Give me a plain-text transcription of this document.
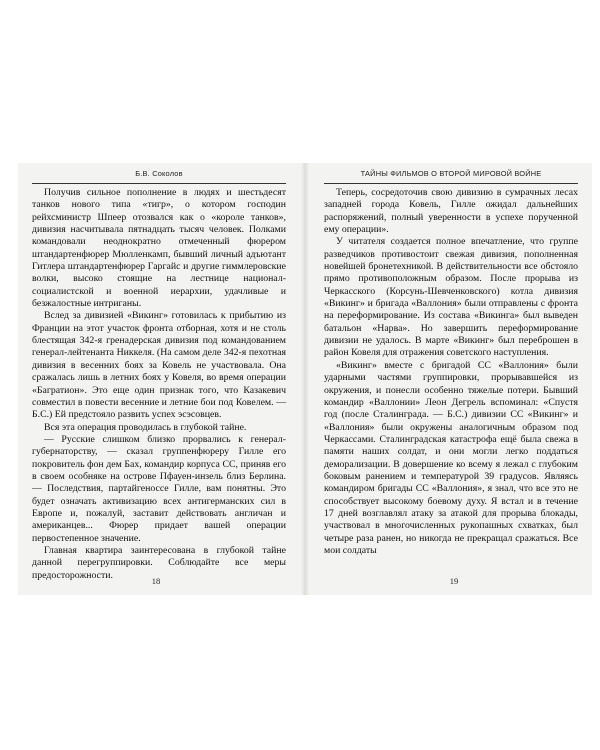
Б.В. Соколов

Получив сильное пополнение в людях и шестьдесят танков нового типа «тигр», о котором господин рейхсминистр Шпеер отозвался как о «короле танков», дивизия насчитывала пятнадцать тысяч человек. Полками командовали неоднократно отмеченный фюрером штандартенфюрер Мюлленкамп, бывший личный адъютант Гитлера штандартенфюрер Гаргайс и другие гиммлеровские волки, высоко стоящие на лестнице национал-социалистской и военной иерархии, удачливые и безжалостные интриганы.

Вслед за дивизией «Викинг» готовилась к прибытию из Франции на этот участок фронта отборная, хотя и не столь блестящая 342-я гренадерская дивизия под командованием генерал-лейтенанта Никкеля. (На самом деле 342-я пехотная дивизия в весенних боях за Ковель не участвовала. Она сражалась лишь в летних боях у Ковеля, во время операции «Багратион». Это еще один признак того, что Казакевич совместил в повести весенние и летние бои под Ковелем. — Б.С.) Ей предстояло развить успех эсэсовцев.

Вся эта операция проводилась в глубокой тайне.

— Русские слишком близко прорвались к генерал-губернаторству, — сказал группенфюреру Гилле его покровитель фон дем Бах, командир корпуса СС, приняв его в своем особняке на острове Пфауен-инзель близ Берлина. — Последствия, партайгеноссе Гилле, вам понятны. Это будет означать активизацию всех антигерманских сил в Европе и, пожалуй, заставит действовать англичан и американцев... Фюрер придает вашей операции первостепенное значение.

Главная квартира заинтересована в глубокой тайне данной перегруппировки. Соблюдайте все меры предосторожности.

18
ТАЙНЫ ФИЛЬМОВ О ВТОРОЙ МИРОВОЙ ВОЙНЕ

Теперь, сосредоточив свою дивизию в сумрачных лесах западней города Ковель, Гилле ожидал дальнейших распоряжений, полный уверенности в успехе порученной ему операции».

У читателя создается полное впечатление, что группе разведчиков противостоит свежая дивизия, пополненная новейшей бронетехникой. В действительности все обстояло прямо противоположным образом. После прорыва из Черкасского (Корсунь-Шевченковского) котла дивизия «Викинг» и бригада «Валлония» были отправлены с фронта на переформирование. Из состава «Викинга» был выведен батальон «Нарва». Но завершить переформирование дивизии не удалось. В марте «Викинг» был переброшен в район Ковеля для отражения советского наступления.

«Викинг» вместе с бригадой СС «Валлония» были ударными частями группировки, прорывавшейся из окружения, и понесли особенно тяжелые потери. Бывший командир «Валлонии» Леон Дегрель вспоминал: «Спустя год (после Сталинграда. — Б.С.) дивизии СС «Викинг» и «Валлония» были окружены аналогичным образом под Черкассами. Сталинградская катастрофа ещё была свежа в памяти наших солдат, и они могли легко поддаться деморализации. В довершение ко всему я лежал с глубоким боковым ранением и температурой 39 градусов. Являясь командиром бригады СС «Валлония», я знал, что все это не способствует высокому боевому духу. Я встал и в течение 17 дней возглавлял атаку за атакой для прорыва блокады, участвовал в многочисленных рукопашных схватках, был четыре раза ранен, но никогда не прекращал сражаться. Все мои солдаты

19
